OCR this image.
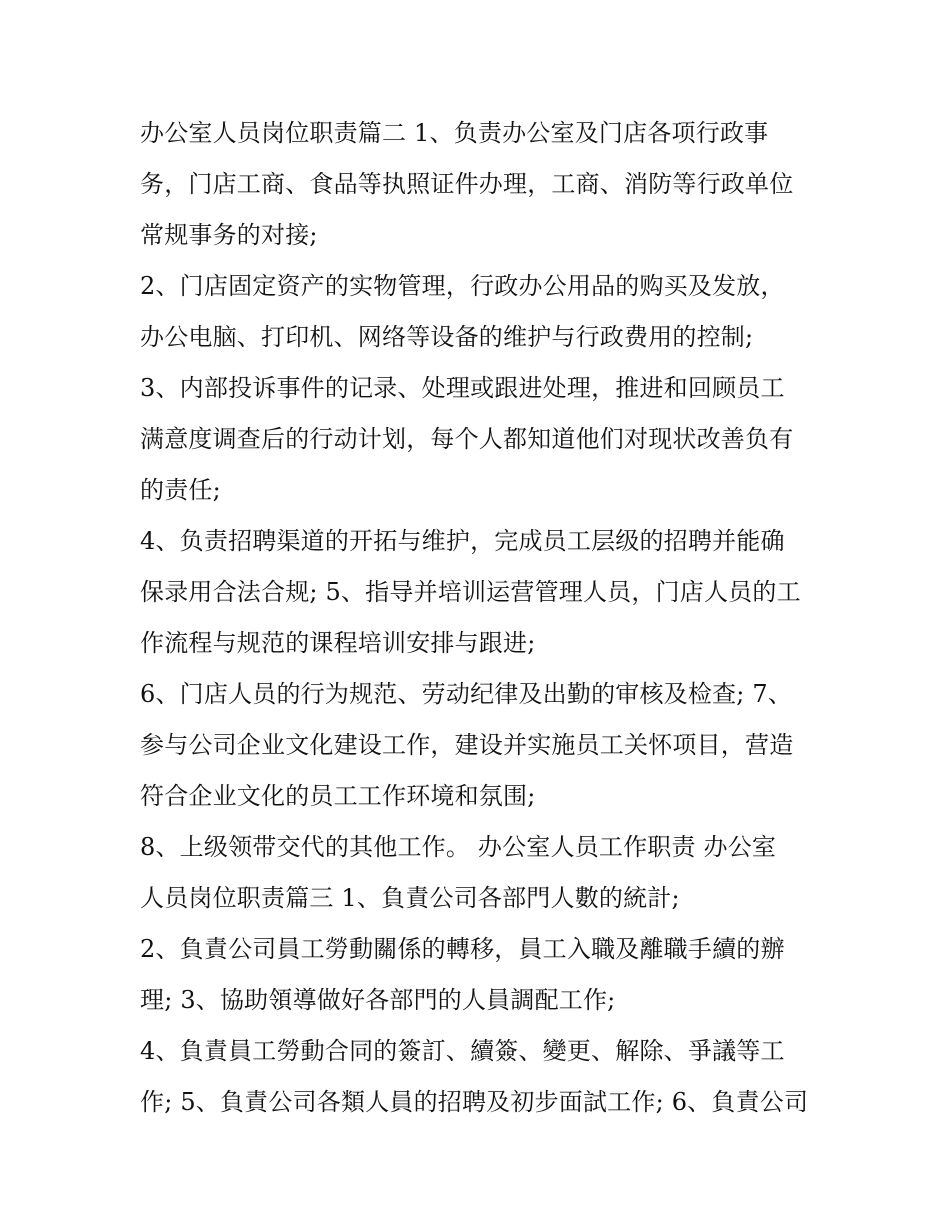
办公室人员岗位职责篇二 1、负责办公室及门店各项行政事
务，门店工商、食品等执照证件办理，工商、消防等行政单位
常规事务的对接;
2、门店固定资产的实物管理，行政办公用品的购买及发放，
办公电脑、打印机、网络等设备的维护与行政费用的控制;
3、内部投诉事件的记录、处理或跟进处理，推进和回顾员工
满意度调查后的行动计划，每个人都知道他们对现状改善负有
的责任;
4、负责招聘渠道的开拓与维护，完成员工层级的招聘并能确
保录用合法合规; 5、指导并培训运营管理人员，门店人员的工
作流程与规范的课程培训安排与跟进;
6、门店人员的行为规范、劳动纪律及出勤的审核及检查; 7、
参与公司企业文化建设工作，建设并实施员工关怀项目，营造
符合企业文化的员工工作环境和氛围;
8、上级领带交代的其他工作。 办公室人员工作职责 办公室
人员岗位职责篇三 1、負責公司各部門人數的統計;
2、負責公司員工勞動關係的轉移，員工入職及離職手續的辦
理; 3、協助領導做好各部門的人員調配工作;
4、負責員工勞動合同的簽訂、續簽、變更、解除、爭議等工
作; 5、負責公司各類人員的招聘及初步面試工作; 6、負責公司
